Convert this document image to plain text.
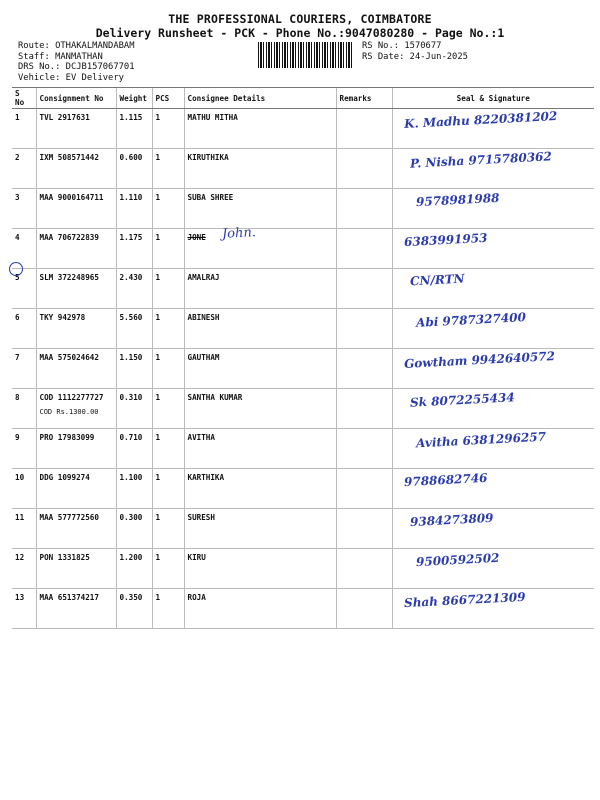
THE PROFESSIONAL COURIERS, COIMBATORE
Delivery Runsheet - PCK - Phone No.:9047080280 - Page No.:1
Route: OTHAKALMANDABAM
Staff: MANMATHAN
DRS No.: DCJB157067701
Vehicle: EV Delivery
RS No.: 1570677
RS Date: 24-Jun-2025
S No	Consignment No	Weight	PCS	Consignee Details	Remarks	Seal & Signature
1	TVL 2917631	1.115	1	MATHU MITHA		K. Madhu 8220381202
2	IXM 508571442	0.600	1	KIRUTHIKA		P. Nisha 9715780362
3	MAA 9000164711	1.110	1	SUBA SHREE		9578981988
4	MAA 706722839	1.175	1	JONE		6383991953
5	SLM 372248965	2.430	1	AMALRAJ		CN/RTN
6	TKY 942978	5.560	1	ABINESH		Abi 9787327400
7	MAA 575024642	1.150	1	GAUTHAM		Gowtham 9942640572
8	COD 1112277727
COD Rs.1300.00	0.310	1	SANTHA KUMAR		Sk 8072255434
9	PRO 17983099	0.710	1	AVITHA		Avitha 6381296257
10	DDG 1099274	1.100	1	KARTHIKA		9788682746
11	MAA 577772560	0.300	1	SURESH		9384273809
12	PON 1331825	1.200	1	KIRU		9500592502
13	MAA 651374217	0.350	1	ROJA		Shah 8667221309
John.
